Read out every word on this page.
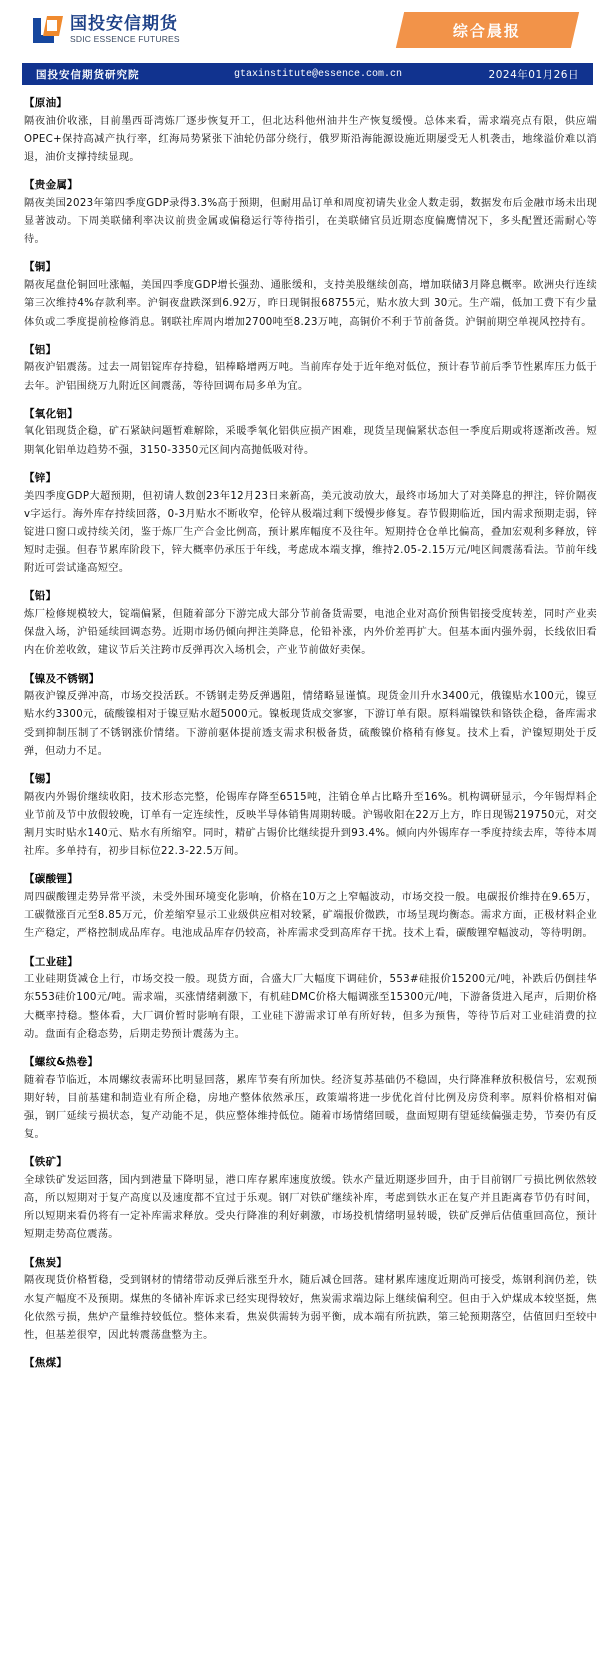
国投安信期货
SDIC ESSENCE FUTURES	综合晨报
国投安信期货研究院	gtaxinstitute@essence.com.cn	2024年01月26日
【原油】
隔夜油价收涨，目前墨西哥湾炼厂逐步恢复开工，但北达科他州油井生产恢复缓慢。总体来看，需求端亮点有限，供应端OPEC+保持高减产执行率，红海局势紧张下油轮仍部分绕行，俄罗斯沿海能源设施近期屡受无人机袭击，地缘溢价难以消退，油价支撑持续显现。
【贵金属】
隔夜美国2023年第四季度GDP录得3.3%高于预期，但耐用品订单和周度初请失业金人数走弱，数据发布后金融市场未出现显著波动。下周美联储利率决议前贵金属或偏稳运行等待指引，在美联储官员近期态度偏鹰情况下，多头配置还需耐心等待。
【铜】
隔夜尾盘伦铜回吐涨幅，美国四季度GDP增长强劲、通胀缓和，支持美股继续创高，增加联储3月降息概率。欧洲央行连续第三次维持4%存款利率。沪铜夜盘跌深到6.92万，昨日现铜报68755元，贴水放大到 30元。生产端，低加工费下有少量体负或二季度提前检修消息。钢联社库周内增加2700吨至8.23万吨，高铜价不利于节前备货。沪铜前期空单视风控持有。
【铝】
隔夜沪铝震荡。过去一周铝锭库存持稳，铝棒略增两万吨。当前库存处于近年绝对低位，预计春节前后季节性累库压力低于去年。沪铝围绕万九附近区间震荡，等待回调布局多单为宜。
【氧化铝】
氧化铝现货企稳，矿石紧缺问题暂难解除，采暖季氧化铝供应损产困难，现货呈现偏紧状态但一季度后期或将逐渐改善。短期氧化铝单边趋势不强，3150-3350元区间内高抛低吸对待。
【锌】
美四季度GDP大超预期，但初请人数创23年12月23日来新高，美元波动放大，最终市场加大了对美降息的押注，锌价隔夜v字运行。海外库存持续回落，0-3月贴水不断收窄，伦锌从极端过剩下缓慢步修复。春节假期临近，国内需求预期走弱，锌锭进口窗口或持续关闭，鉴于炼厂生产合金比例高，预计累库幅度不及往年。短期持仓仓单比偏高，叠加宏观利多释放，锌短时走强。但春节累库阶段下，锌大概率仍承压于年线，考虑成本端支撑，维持2.05-2.15万元/吨区间震荡看法。节前年线附近可尝试逢高短空。
【铅】
炼厂检修规模较大，锭端偏紧，但随着部分下游完成大部分节前备货需要，电池企业对高价预售铝接受度转差，同时产业卖保盘入场，沪铅延续回调态势。近期市场仍倾向押注美降息，伦铅补涨，内外价差再扩大。但基本面内强外弱，长线依旧看内在价差收敛，建议节后关注跨市反弹再次入场机会，产业节前做好卖保。
【镍及不锈钢】
隔夜沪镍反弹冲高，市场交投活跃。不锈钢走势反弹遇阻，情绪略显谨慎。现货金川升水3400元，俄镍贴水100元，镍豆贴水约3300元，硫酸镍相对于镍豆贴水超5000元。镍板现货成交寥寥，下游订单有限。原料端镍铁和铬铁企稳，备库需求受到抑制压制了不锈钢涨价情绪。下游前驱体提前透支需求积极备货，硫酸镍价格稍有修复。技术上看，沪镍短期处于反弹，但动力不足。
【锡】
隔夜内外锡价继续收阳，技术形态完整，伦锡库存降至6515吨，注销仓单占比略升至16%。机构调研显示，今年锡焊料企业节前及节中放假较晚，订单有一定连续性，反映半导体销售周期转暖。沪锡收阳在22万上方，昨日现锡219750元，对交割月实时贴水140元、贴水有所缩窄。同时，精矿占锡价比继续提升到93.4%。倾向内外锡库存一季度持续去库，等待本周社库。多单持有，初步目标位22.3-22.5万间。
【碳酸锂】
周四碳酸锂走势异常平淡，未受外围环境变化影响，价格在10万之上窄幅波动，市场交投一般。电碳报价维持在9.65万，工碳微涨百元至8.85万元，价差缩窄显示工业级供应相对较紧，矿端报价微跌，市场呈现均衡态。需求方面，正极材料企业生产稳定，严格控制成品库存。电池成品库存仍较高，补库需求受到高库存干扰。技术上看，碳酸锂窄幅波动，等待明朗。
【工业硅】
工业硅期货减仓上行，市场交投一般。现货方面，合盛大厂大幅度下调硅价，553#硅报价15200元/吨，补跌后仍倒挂华东553硅价100元/吨。需求端，买涨情绪刺激下，有机硅DMC价格大幅调涨至15300元/吨，下游备货进入尾声，后期价格大概率持稳。整体看，大厂调价暂时影响有限，工业硅下游需求订单有所好转，但多为预售，等待节后对工业硅消费的拉动。盘面有企稳态势，后期走势预计震荡为主。
【螺纹&热卷】
随着春节临近，本周螺纹表需环比明显回落，累库节奏有所加快。经济复苏基础仍不稳固，央行降准释放积极信号，宏观预期好转，目前基建和制造业有所企稳，房地产整体依然承压，政策端将进一步优化首付比例及房贷利率。原料价格相对偏强，钢厂延续亏损状态，复产动能不足，供应整体维持低位。随着市场情绪回暖，盘面短期有望延续偏强走势，节奏仍有反复。
【铁矿】
全球铁矿发运回落，国内到港量下降明显，港口库存累库速度放缓。铁水产量近期逐步回升，由于目前钢厂亏损比例依然较高，所以短期对于复产高度以及速度都不宜过于乐观。钢厂对铁矿继续补库，考虑到铁水正在复产并且距离春节仍有时间，所以短期来看仍将有一定补库需求释放。受央行降准的利好刺激，市场投机情绪明显转暖，铁矿反弹后估值重回高位，预计短期走势高位震荡。
【焦炭】
隔夜现货价格暂稳，受到钢材的情绪带动反弹后涨至升水，随后减仓回落。建材累库速度近期尚可接受，炼钢利润仍差，铁水复产幅度不及预期。煤焦的冬储补库诉求已经实现得较好，焦炭需求端边际上继续偏利空。但由于入炉煤成本较坚挺，焦化依然亏损，焦炉产量维持较低位。整体来看，焦炭供需转为弱平衡，成本端有所抗跌，第三轮预期落空，估值回归至较中性，但基差很窄，因此转震荡盘整为主。
【焦煤】
